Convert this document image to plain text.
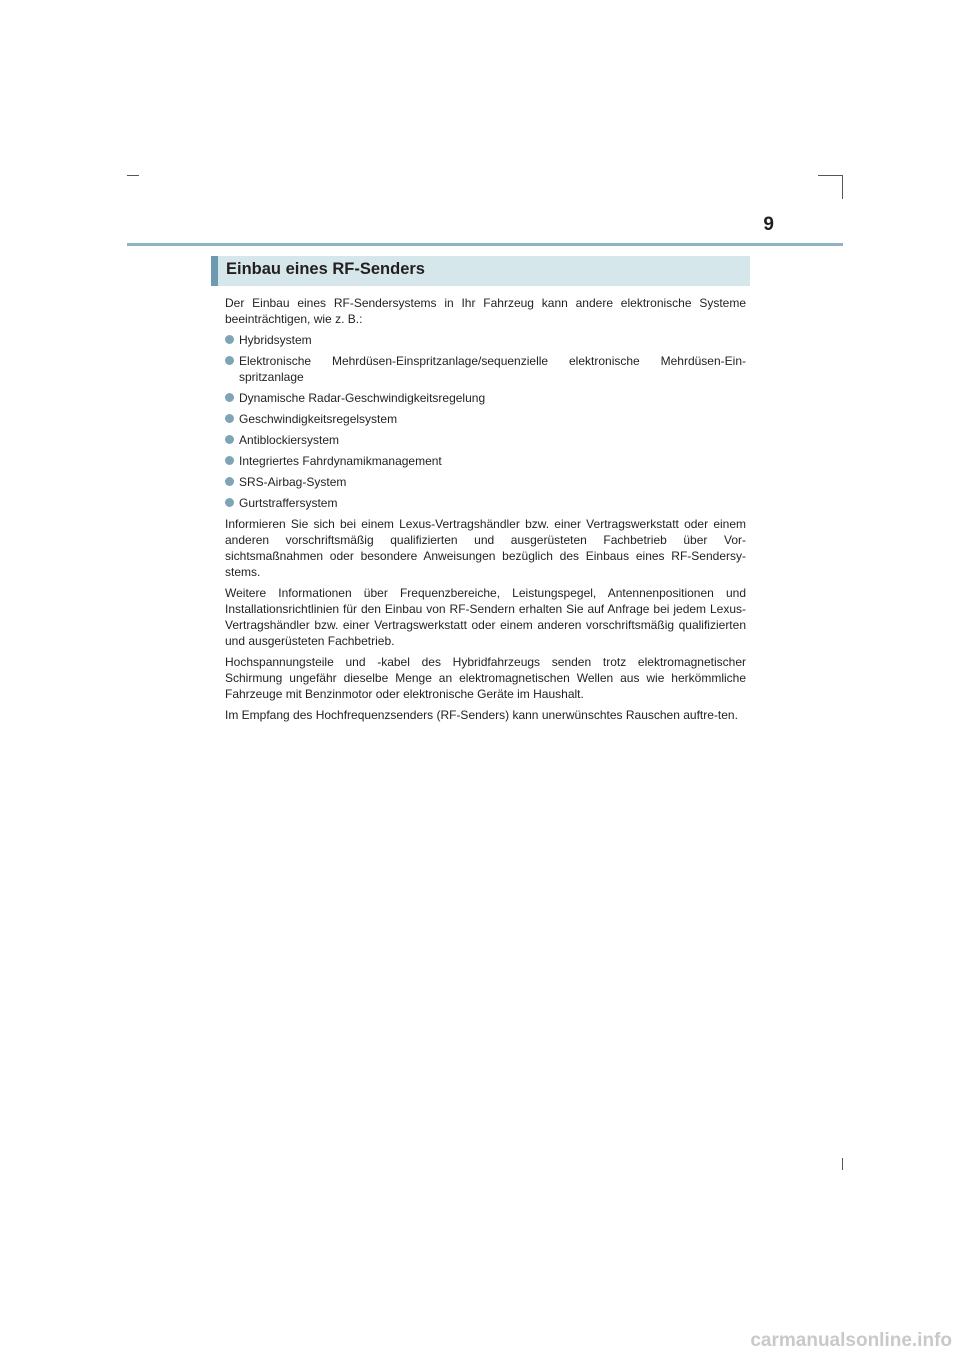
9
Einbau eines RF-Senders

Der Einbau eines RF-Sendersystems in Ihr Fahrzeug kann andere elektronische Systeme beeinträchtigen, wie z. B.:

Hybridsystem
Elektronische Mehrdüsen-Einspritzanlage/sequenzielle elektronische Mehrdüsen-Ein-spritzanlage
Dynamische Radar-Geschwindigkeitsregelung
Geschwindigkeitsregelsystem
Antiblockiersystem
Integriertes Fahrdynamikmanagement
SRS-Airbag-System
Gurtstraffersystem

Informieren Sie sich bei einem Lexus-Vertragshändler bzw. einer Vertragswerkstatt oder einem anderen vorschriftsmäßig qualifizierten und ausgerüsteten Fachbetrieb über Vor-sichtsmaßnahmen oder besondere Anweisungen bezüglich des Einbaus eines RF-Sendersy-stems.

Weitere Informationen über Frequenzbereiche, Leistungspegel, Antennenpositionen und Installationsrichtlinien für den Einbau von RF-Sendern erhalten Sie auf Anfrage bei jedem Lexus-Vertragshändler bzw. einer Vertragswerkstatt oder einem anderen vorschriftsmäßig qualifizierten und ausgerüsteten Fachbetrieb.

Hochspannungsteile und -kabel des Hybridfahrzeugs senden trotz elektromagnetischer Schirmung ungefähr dieselbe Menge an elektromagnetischen Wellen aus wie herkömmliche Fahrzeuge mit Benzinmotor oder elektronische Geräte im Haushalt.

Im Empfang des Hochfrequenzsenders (RF-Senders) kann unerwünschtes Rauschen auftre-ten.

carmanualsonline.info
